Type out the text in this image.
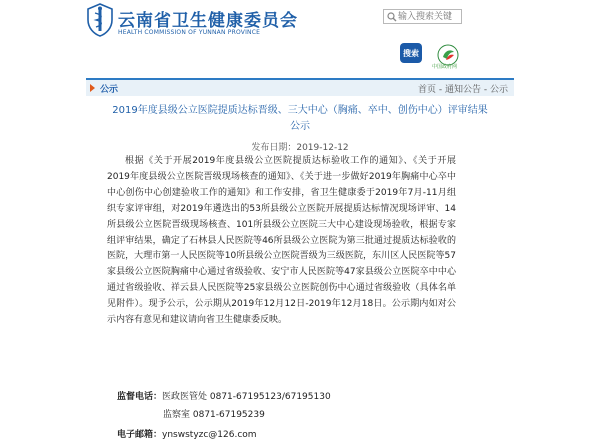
云南省卫生健康委员会
HEALTH COMMISSION OF YUNNAN PROVINCE
输入搜索关键
搜索
中国政府网
公示	首页 - 通知公告 - 公示
2019年度县级公立医院提质达标晋级、三大中心（胸痛、卒中、创伤中心）评审结果 公示
发布日期：2019-12-12

根据《关于开展2019年度县级公立医院提质达标验收工作的通知》、《关于开展2019年度县级公立医院晋级现场核查的通知》、《关于进一步做好2019年胸痛中心卒中中心创伤中心创建验收工作的通知》和工作安排，省卫生健康委于2019年7月-11月组织专家评审组，对2019年遴选出的53所县级公立医院开展提质达标情况现场评审、14所县级公立医院晋级现场核查、101所县级公立医院三大中心建设现场验收，根据专家组评审结果，确定了石林县人民医院等46所县级公立医院为第三批通过提质达标验收的医院，大理市第一人民医院等10所县级公立医院晋级为三级医院，东川区人民医院等57家县级公立医院胸痛中心通过省级验收、安宁市人民医院等47家县级公立医院卒中中心通过省级验收、祥云县人民医院等25家县级公立医院创伤中心通过省级验收（具体名单见附件）。现予公示，公示期从2019年12月12日-2019年12月18日。公示期内如对公示内容有意见和建议请向省卫生健康委反映。

监督电话：医政医管处 0871-67195123/67195130
监察室 0871-67195239
电子邮箱：ynswstyzc@126.com
